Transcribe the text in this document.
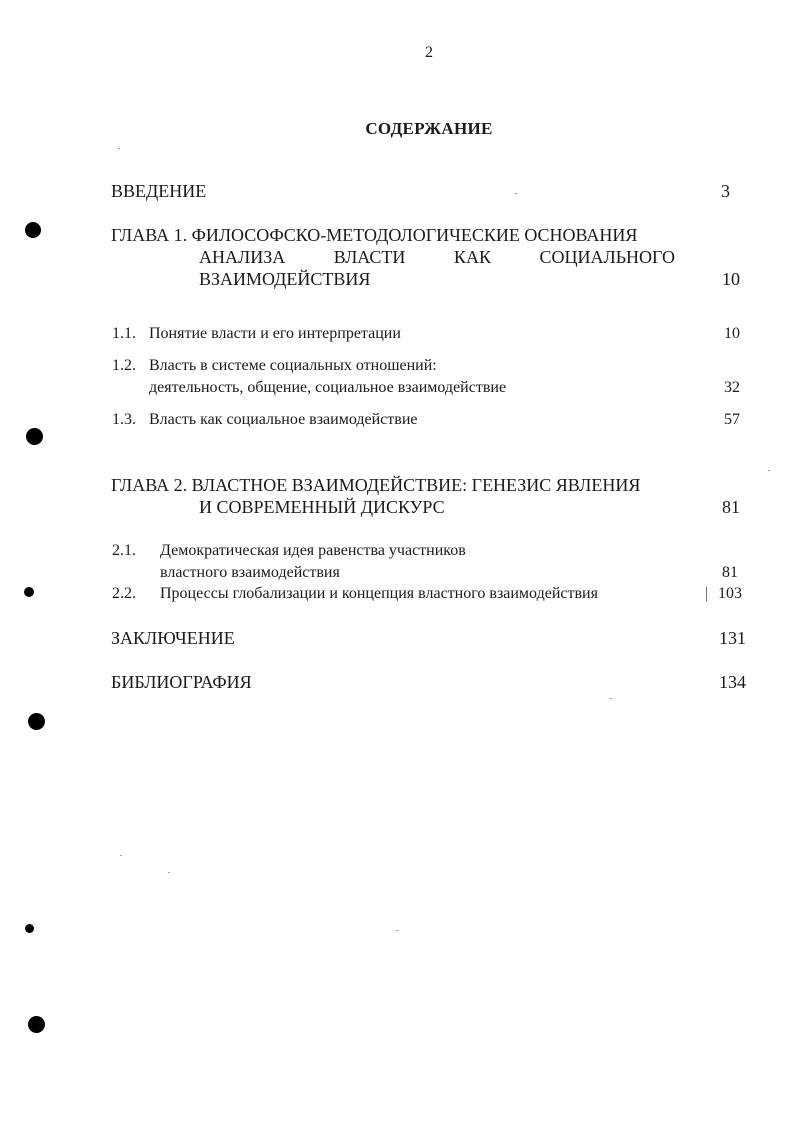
2
СОДЕРЖАНИЕ
ВВЕДЕНИЕ	3
ГЛАВА 1. ФИЛОСОФСКО-МЕТОДОЛОГИЧЕСКИЕ ОСНОВАНИЯ
АНАЛИЗА ВЛАСТИ КАК СОЦИАЛЬНОГО
ВЗАИМОДЕЙСТВИЯ	10
1.1. Понятие власти и его интерпретации	10
1.2. Власть в системе социальных отношений:
деятельность, общение, социальное взаимодействие	32
1.3. Власть как социальное взаимодействие	57
ГЛАВА 2. ВЛАСТНОЕ ВЗАИМОДЕЙСТВИЕ: ГЕНЕЗИС ЯВЛЕНИЯ
И СОВРЕМЕННЫЙ ДИСКУРС	81
2.1. Демократическая идея равенства участников
властного взаимодействия	81
2.2. Процессы глобализации и концепция властного взаимодействия	| 103
ЗАКЛЮЧЕНИЕ	131
БИБЛИОГРАФИЯ	134
